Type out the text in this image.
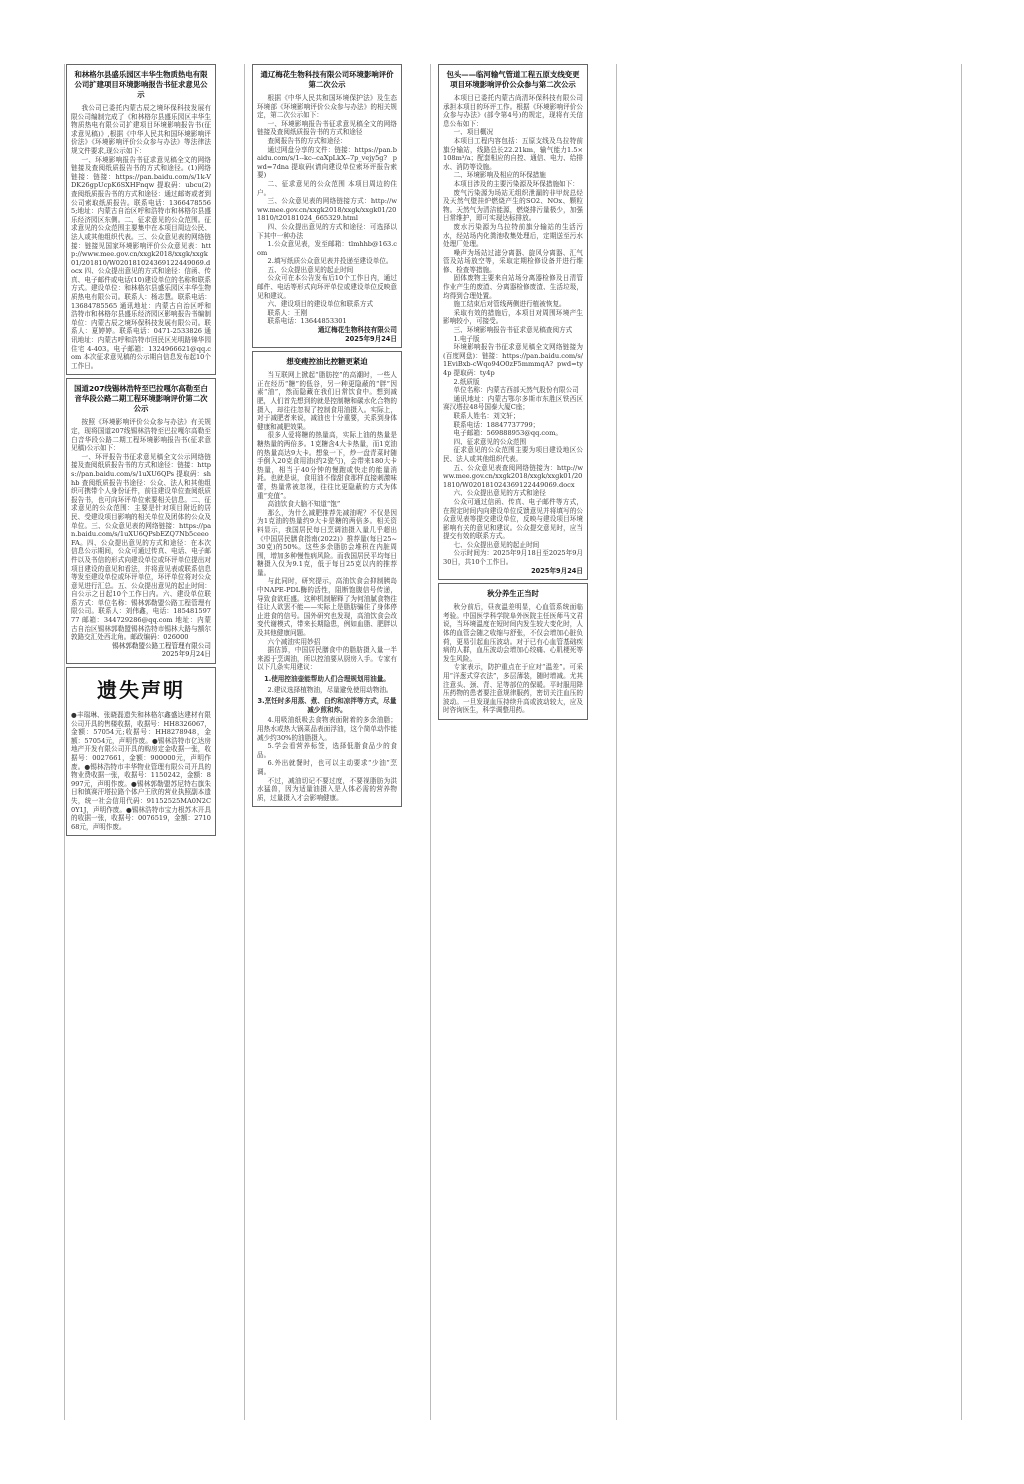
和林格尔县盛乐园区丰华生物质热电有限公司扩建项目环境影响报告书征求意见公示

我公司已委托内蒙古辰之境环保科技发展有限公司编制完成了《和林格尔县盛乐园区丰华生物质热电有限公司扩建项目环境影响报告书(征求意见稿)》,根据《中华人民共和国环境影响评价法》《环境影响评价公众参与办法》等法律法规文件要求,现公示如下：

一、环境影响报告书征求意见稿全文的网络链接及查阅纸质报告书的方式和途径。(1)网络链接：链接：https://pan.baidu.com/s/1k-VDK26gpUcpK6SXHFnqw 提取码：ubcu(2)查阅纸质报告书的方式和途径：通过邮寄或者到公司索取纸质报告。联系电话：13664785565;地址：内蒙古自治区呼和浩特市和林格尔县盛乐经济园区东侧。二、征求意见的公众范围。征求意见的公众范围主要集中在本项目周边公民、法人或其他组织代表。三、公众意见表的网络链接：链接见国家环境影响评价公众意见表：http://www.mee.gov.cn/xxgk2018/xxgk/xxgk01/201810/W020181024369122449069.docx 四、公众提出意见的方式和途径：信函、传真、电子邮件或电话(10)建设单位的名称和联系方式。建设单位：和林格尔县盛乐园区丰华生物质热电有限公司。联系人：杨志慧。联系电话：13684785565 通讯地址：内蒙古自治区呼和浩特市和林格尔县盛乐经济园区影响报告书编制单位：内蒙古辰之境环保科技发展有限公司。联系人：夏婷婷。联系电话：0471-2533826 通讯地址：内蒙古呼和浩特市回民区光明路锦华园住宅 4-403。电子邮箱：1324966621@qq.com 本次征求意见稿的公示期自信息发布起10个工作日。

国道207线锡林浩特至巴拉嘎尔高勒至白音华段公路二期工程环境影响评价第二次公示

按照《环境影响评价公众参与办法》有关规定，现将国道207线锡林浩特至巴拉嘎尔高勒至白音华段公路二期工程环境影响报告书(征求意见稿)公示如下：

一、环评报告书征求意见稿全文公示网络链接及查阅纸质报告书的方式和途径：链接：https://pan.baidu.com/s/1uXU6QPs 提取码：shhb 查阅纸质报告书途径：公众、法人和其他组织可携带个人身份证件，前往建设单位查阅纸质报告书，也可向环评单位索要相关信息。二、征求意见的公众范围：主要是针对项目附近的居民、受建设项目影响的相关单位及团体的公众及单位。三、公众意见表的网络链接：https://pan.baidu.com/s/1uXU6QPsbEZQ7Nb5ceeoFA。四、公众提出意见的方式和途径：在本次信息公示期间，公众可通过传真、电话、电子邮件以及书信的形式向建设单位或环评单位提出对项目建设的意见和看法，并将意见表或联系信息等发至建设单位或环评单位，环评单位将对公众意见进行汇总。五、公众提出意见的起止时间：自公示之日起10个工作日内。六、建设单位联系方式：单位名称：锡林郭勒盟公路工程管理有限公司。联系人：刘伟鑫，电话：18548159777 邮箱：344729286@qq.com 地址：内蒙古自治区锡林郭勒盟锡林浩特市锡林大路与额尔敦路交汇处西北角。邮政编码：026000

锡林郭勒盟公路工程管理有限公司

2025年9月24日

遗失声明

●丰瑞琳、张晓磊遗失和林格尔鑫盛达建材有限公司开具的售楼收据，收据号：HH8326067，金额：57054元;收据号：HH8278948，金额：57054元，声明作废。●锡林浩特市亿达房地产开发有限公司开具的购房定金收据一张，收据号：0027661，金额：900000元，声明作废。●锡林浩特市丰华物业管理有限公司开具的物业费收据一张，收据号：1150242，金额：8997元，声明作废。●锡林郭勒盟苏尼特右旗朱日和镇赛汗塔拉路个体户王欣的营业执照副本遗失，统一社会信用代码：91152525MA0N2C0Y1J，声明作废。●锡林浩特市宝力根苏木开具的收据一张，收据号：0076519，金额：271068元，声明作废。

通辽梅花生物科技有限公司环境影响评价第二次公示

根据《中华人民共和国环境保护法》及生态环境部《环境影响评价公众参与办法》的相关规定，第二次公示如下：

一、环境影响报告书征求意见稿全文的网络链接及查阅纸质报告书的方式和途径

查阅报告书的方式和途径：

通过网盘分享的文件：链接：https://pan.baidu.com/s/1--kc--caXpLkX--7p_vejy5g? pwd=7dna 提取码(请向建设单位索环评报告索要)

二、征求意见的公众范围 本项目周边的住户。

三、公众意见表的网络链接方式：http://www.mee.gov.cn/xxgk2018/xxgk/xxgk01/201810/t20181024_665329.html

四、公众提出意见的方式和途径：可选择以下其中一种办法

1.公众意见表，发至邮箱：tlmhhb@163.com

2.填写纸质公众意见表并投递至建设单位。

五、公众提出意见的起止时间

公众可在本公告发布后10个工作日内，通过邮件、电话等形式向环评单位或建设单位反映意见和建议。

六、建设项目的建设单位和联系方式

联系人：王刚

联系电话：13644853301

通辽梅花生物科技有限公司

2025年9月24日

想变瘦控油比控糖更紧迫

当互联网上掀起“脂肪控”的高潮时，一些人正在经历“糖”的低谷，另一种更隐蔽的“胖”因素“油”，然而隐藏在我们日常饮食中。想到减肥，人们首先想到的就是控制糖和碳水化合物的摄入，却往往忽视了控制食用油摄入。实际上，对于减肥者来说，减油也十分重要，关系到身体健康和减肥效果。

很多人爱将糖的热量高，实际上油的热量是糖热量的两倍多。1克糖含4大卡热量，而1克油的热量高达9大卡。想象一下，炒一盘青菜时随手倒入20克食用油(约2瓷勺)，会带来180大卡热量，相当于40分钟的慢跑或快走的能量消耗。也就是说，食用油不像甜食那样直接刺激味蕾，热量常被忽视，往往比更隐蔽的方式为体重“充值”。

高油饮食大脑不知道“饱”

那么，为什么减肥推荐先减油呢？不仅是因为1克油的热量约9大卡是糖的两倍多。相关资料显示，我国居民每日烹调油摄入量几乎超出《中国居民膳食指南(2022)》推荐量(每日25~30克)的50%。这些多余脂肪会堆积在内脏周围，增加多种慢性病风险。而我国居民平均每日糖摄入仅为9.1克，低于每日25克以内的推荐量。

与此同时，研究提示，高油饮食会抑制胰岛中NAPE-PDL酶的活性，阻断饱腹信号传递，导致食欲旺盛。这种机制解释了为何油腻食物往往让人欲罢不能——实际上是脂肪骗住了身体停止进食的信号。国外研究也发现，高油饮食会改变代谢模式，带来长期隐患，例如血脂、肥胖以及其他健康问题。

六个减油实用妙招

据估算，中国居民膳食中的脂肪摄入量一半来源于烹调油，所以控油要从厨房入手。专家有以下几条实用建议：

1.使用控油壶能帮助人们合理规划用油量。

2.建议选择植物油，尽量避免使用动物油。

3.烹饪时多用蒸、煮、白灼和凉拌等方式，尽量减少煎和炸。

4.用吸油纸吸去食物表面附着的多余油脂；用热水或热大锅菜品表面浮油，这个简单动作能减少约30%的油脂摄入。

5.学会看营养标签，选择低脂食品少的食品。

6.外出就餐时，也可以主动要求“少油”烹调。

不过，减油切记不要过度，不要视脂肪为洪水猛兽，因为适量油摄入是人体必需的营养物质，过量摄入才会影响健康。

包头——临河输气管道工程五原支线变更项目环境影响评价公众参与第二次公示

本项目已委托内蒙古尚清环保科技有限公司承担本项目的环评工作。根据《环境影响评价公众参与办法》(部令第4号)的规定，现将有关信息公布如下：

一、项目概况

本项目工程内容包括：五原支线及乌拉特前旗分输站，线路总长22.21km，输气能力1.5×108m³/a；配套相应的自控、通信、电力、给排水、消防等设施。

二、环境影响及相应的环保措施

本项目涉及的主要污染源及环保措施如下：

废气污染源为场站无组织泄漏的非甲烷总烃及天然气壁挂炉燃烧产生的SO2、NOx、颗粒物。天然气为清洁能源，燃烧排污量极少，加强日常维护，即可实现达标排放。

废水污染源为乌拉特前旗分输站的生活污水，经站场内化粪池收集处理后，定期送至污水处理厂处理。

噪声为场站过滤分离器、旋风分离器、汇气管及站场放空等，采取定期检修设备并进行维修、检查等措施。

固体废物主要来自站场分离器检修及日清管作业产生的废渣、分离器检修废渣、生活垃圾，均得到合理处置。

施工结束后对管线两侧进行植被恢复。

采取有效的措施后，本项目对周围环境产生影响较小，可接受。

三、环境影响报告书征求意见稿查阅方式

1.电子版

环境影响报告书征求意见稿全文网络链接为(百度网盘)：链接：https://pan.baidu.com/s/1EviBxb-cWqo94O0zF5mmmqA? pwd=ty4p 提取码：ty4p

2.纸质版

单位名称：内蒙古西部天然气股份有限公司

通讯地址：内蒙古鄂尔多斯市东胜区铁西区赛汉塔拉48号国泰大厦C座；

联系人姓名：刘文轩；

联系电话：18847737799；

电子邮箱：569888953@qq.com。

四、征求意见的公众范围

征求意见的公众范围主要为项目建设地区公民、法人或其他组织代表。

五、公众意见表查阅网络链接为：http://www.mee.gov.cn/xxgk2018/xxgk/xxgk01/201810/W020181024369122449069.docx

六、公众提出意见的方式和途径

公众可通过信函、传真、电子邮件等方式，在规定时间内向建设单位反馈意见并将填写的公众意见表等提交建设单位，反映与建设项目环境影响有关的意见和建议。公众提交意见时，应当提交有效的联系方式。

七、公众提出意见的起止时间

公示时间为：2025年9月18日至2025年9月30日，共10个工作日。

2025年9月24日

秋分养生正当时

秋分前后，昼夜温差明显，心血管系统面临考验。中国医学科学院阜外医院主任医师马文君说，当环境温度在短时间内发生较大变化时，人体的血管会随之收缩与舒张，不仅会增加心脏负荷，更易引起血压波动。对于已有心血管基础疾病的人群，血压波动会增加心绞痛、心肌梗死等发生风险。

专家表示，防护重点在于应对“温差”。可采用“洋葱式穿衣法”，多层薄装，随时增减。尤其注意头、颈、背、足等部位的保暖。平时服用降压药物的患者要注意规律服药，密切关注血压的波动。一旦发现血压持续升高或波动较大，应及时咨询医生，科学调整用药。
